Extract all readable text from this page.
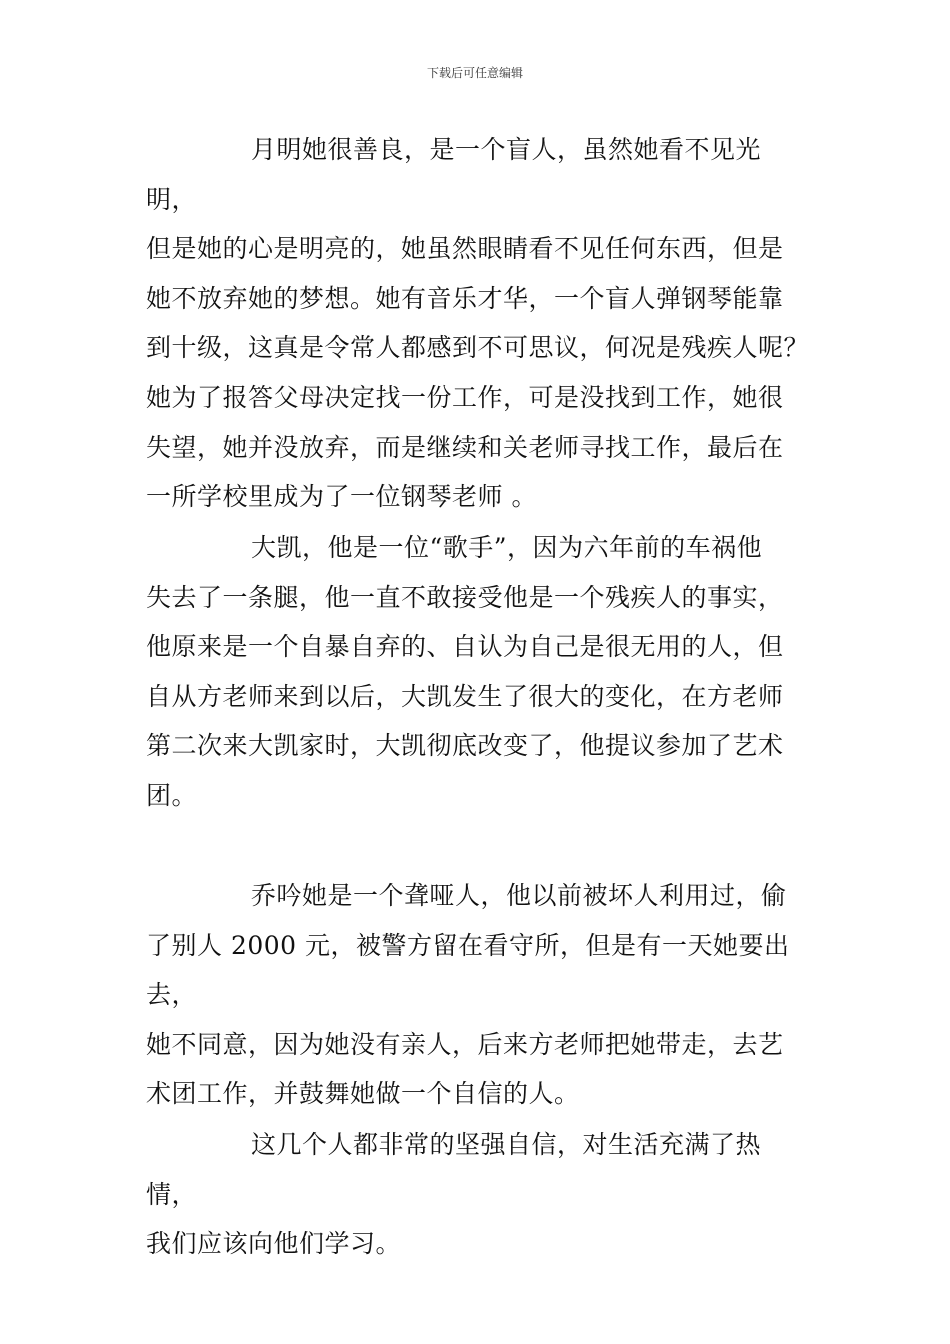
下载后可任意编辑

月明她很善良，是一个盲人，虽然她看不见光明，
但是她的心是明亮的，她虽然眼睛看不见任何东西，但是
她不放弃她的梦想。她有音乐才华，一个盲人弹钢琴能靠
到十级，这真是令常人都感到不可思议，何况是残疾人呢？
她为了报答父母决定找一份工作，可是没找到工作，她很
失望，她并没放弃，而是继续和关老师寻找工作，最后在
一所学校里成为了一位钢琴老师 。

大凯，他是一位“歌手”，因为六年前的车祸他
失去了一条腿，他一直不敢接受他是一个残疾人的事实，
他原来是一个自暴自弃的、自认为自己是很无用的人，但
自从方老师来到以后，大凯发生了很大的变化，在方老师
第二次来大凯家时，大凯彻底改变了，他提议参加了艺术
团。

乔吟她是一个聋哑人，他以前被坏人利用过，偷
了别人 2000 元，被警方留在看守所，但是有一天她要出去，
她不同意，因为她没有亲人，后来方老师把她带走，去艺
术团工作，并鼓舞她做一个自信的人。

这几个人都非常的坚强自信，对生活充满了热情，
我们应该向他们学习。
